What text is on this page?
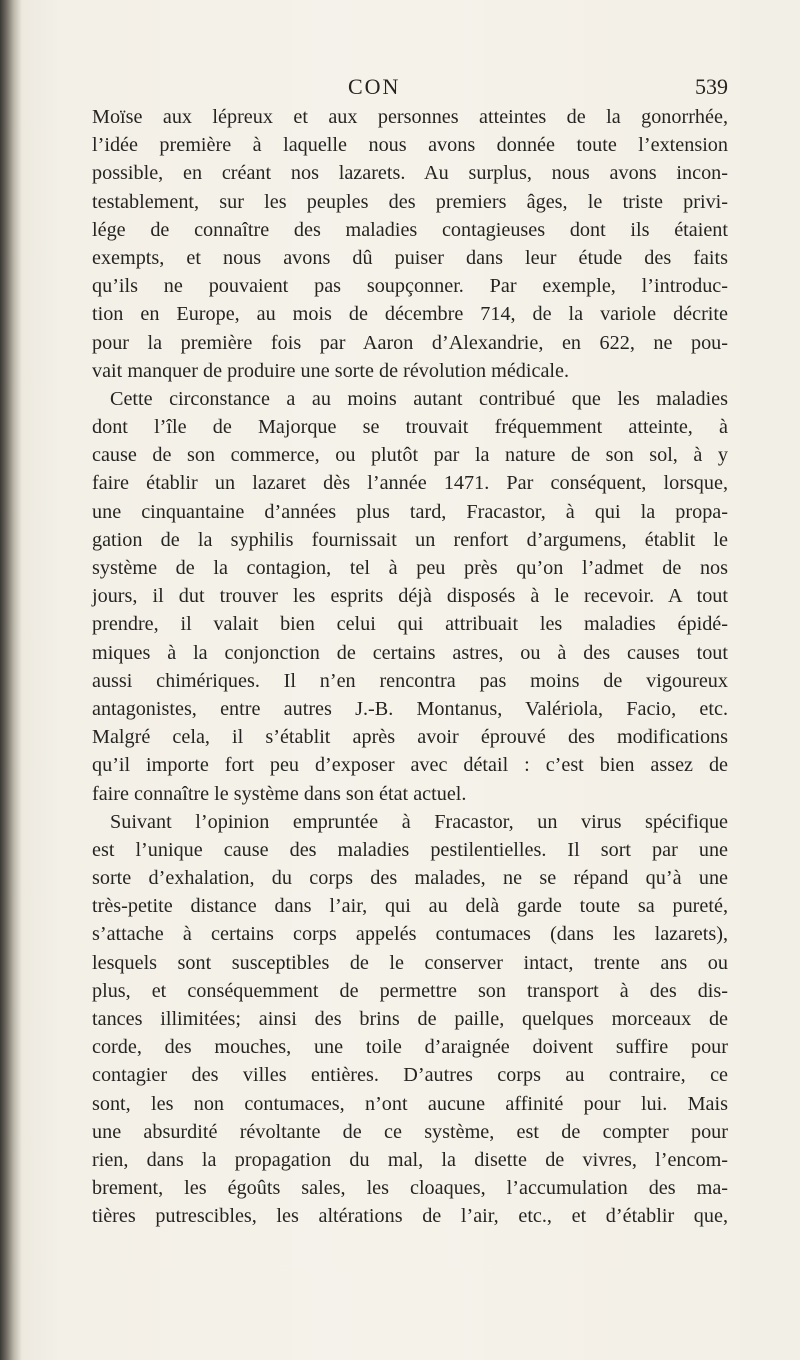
CON	539
Moïse aux lépreux et aux personnes atteintes de la gonorrhée,
l’idée première à laquelle nous avons donnée toute l’extension
possible, en créant nos lazarets. Au surplus, nous avons incon-
testablement, sur les peuples des premiers âges, le triste privi-
lége de connaître des maladies contagieuses dont ils étaient
exempts, et nous avons dû puiser dans leur étude des faits
qu’ils ne pouvaient pas soupçonner. Par exemple, l’introduc-
tion en Europe, au mois de décembre 714, de la variole décrite
pour la première fois par Aaron d’Alexandrie, en 622, ne pou-
vait manquer de produire une sorte de révolution médicale.
Cette circonstance a au moins autant contribué que les maladies
dont l’île de Majorque se trouvait fréquemment atteinte, à
cause de son commerce, ou plutôt par la nature de son sol, à y
faire établir un lazaret dès l’année 1471. Par conséquent, lorsque,
une cinquantaine d’années plus tard, Fracastor, à qui la propa-
gation de la syphilis fournissait un renfort d’argumens, établit le
système de la contagion, tel à peu près qu’on l’admet de nos
jours, il dut trouver les esprits déjà disposés à le recevoir. A tout
prendre, il valait bien celui qui attribuait les maladies épidé-
miques à la conjonction de certains astres, ou à des causes tout
aussi chimériques. Il n’en rencontra pas moins de vigoureux
antagonistes, entre autres J.-B. Montanus, Valériola, Facio, etc.
Malgré cela, il s’établit après avoir éprouvé des modifications
qu’il importe fort peu d’exposer avec détail : c’est bien assez de
faire connaître le système dans son état actuel.
Suivant l’opinion empruntée à Fracastor, un virus spécifique
est l’unique cause des maladies pestilentielles. Il sort par une
sorte d’exhalation, du corps des malades, ne se répand qu’à une
très-petite distance dans l’air, qui au delà garde toute sa pureté,
s’attache à certains corps appelés contumaces (dans les lazarets),
lesquels sont susceptibles de le conserver intact, trente ans ou
plus, et conséquemment de permettre son transport à des dis-
tances illimitées; ainsi des brins de paille, quelques morceaux de
corde, des mouches, une toile d’araignée doivent suffire pour
contagier des villes entières. D’autres corps au contraire, ce
sont, les non contumaces, n’ont aucune affinité pour lui. Mais
une absurdité révoltante de ce système, est de compter pour
rien, dans la propagation du mal, la disette de vivres, l’encom-
brement, les égoûts sales, les cloaques, l’accumulation des ma-
tières putrescibles, les altérations de l’air, etc., et d’établir que,
